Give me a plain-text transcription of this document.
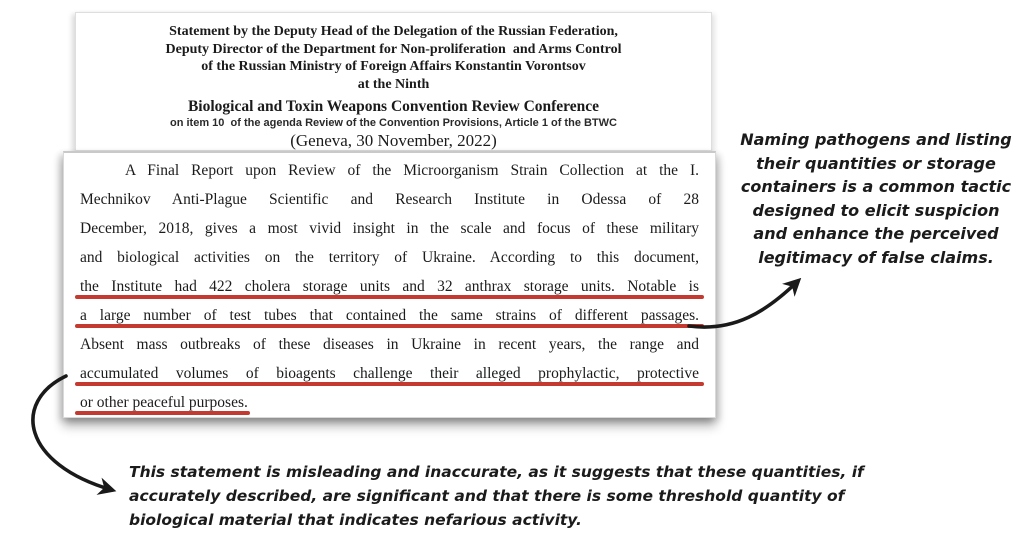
Statement by the Deputy Head of the Delegation of the Russian Federation,
Deputy Director of the Department for Non-proliferation  and Arms Control
of the Russian Ministry of Foreign Affairs Konstantin Vorontsov
at the Ninth
Biological and Toxin Weapons Convention Review Conference
on item 10  of the agenda Review of the Convention Provisions, Article 1 of the BTWC
(Geneva, 30 November, 2022)
A Final Report upon Review of the Microorganism Strain Collection at the I.
Mechnikov Anti-Plague Scientific and Research Institute in Odessa of 28
December, 2018, gives a most vivid insight in the scale and focus of these military
and biological activities on the territory of Ukraine. According to this document,
the Institute had 422 cholera storage units and 32 anthrax storage units. Notable is
a large number of test tubes that contained the same strains of different passages.
Absent mass outbreaks of these diseases in Ukraine in recent years, the range and
accumulated volumes of bioagents challenge their alleged prophylactic, protective
or other peaceful purposes.
Naming pathogens and listing
their quantities or storage
containers is a common tactic
designed to elicit suspicion
and enhance the perceived
legitimacy of false claims.
This statement is misleading and inaccurate, as it suggests that these quantities, if
accurately described, are significant and that there is some threshold quantity of
biological material that indicates nefarious activity.
